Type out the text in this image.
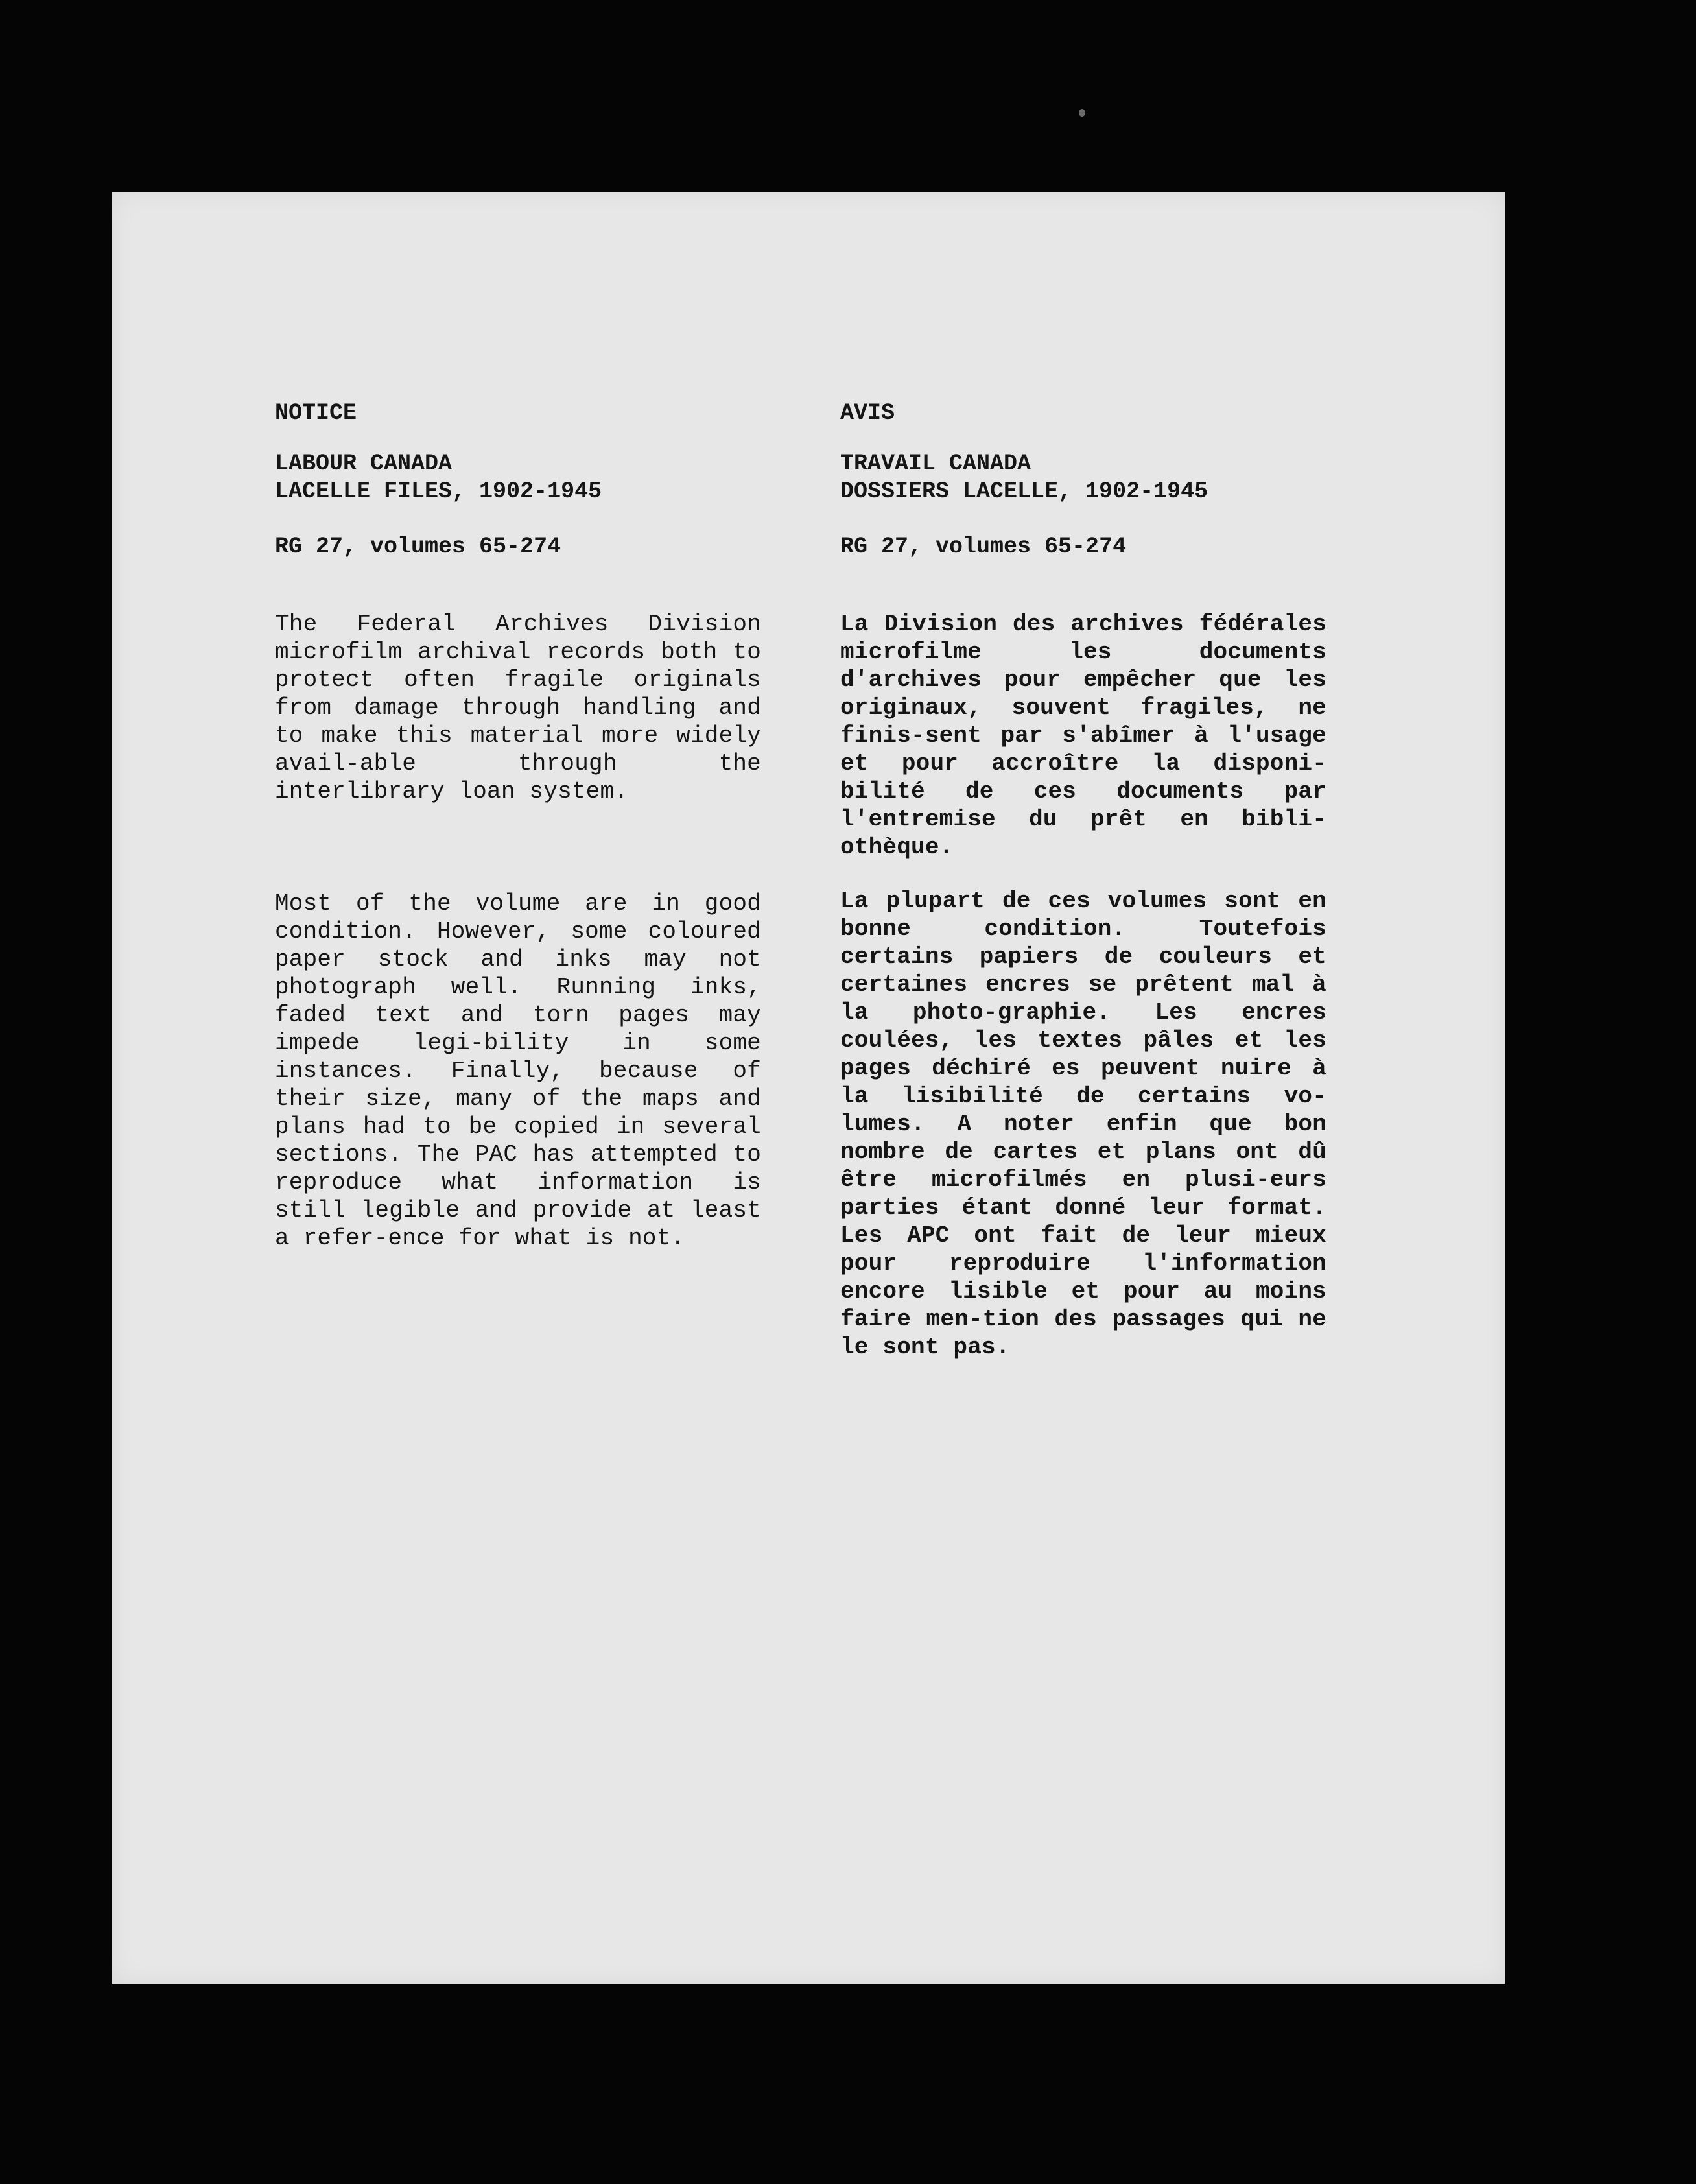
NOTICE
LABOUR CANADA
LACELLE FILES, 1902-1945
RG 27, volumes 65-274
The Federal Archives Division microfilm archival records both to protect often fragile originals from damage through handling and to make this material more widely avail-able through the interlibrary loan system.
Most of the volume are in good condition. However, some coloured paper stock and inks may not photograph well. Running inks, faded text and torn pages may impede legi-bility in some instances. Finally, because of their size, many of the maps and plans had to be copied in several sections. The PAC has attempted to reproduce what information is still legible and provide at least a refer-ence for what is not.
AVIS
TRAVAIL CANADA
DOSSIERS LACELLE, 1902-1945
RG 27, volumes 65-274
La Division des archives fédérales microfilme les documents d'archives pour empêcher que les originaux, souvent fragiles, ne finis-sent par s'abîmer à l'usage et pour accroître la disponi-bilité de ces documents par l'entremise du prêt en bibli-othèque.
La plupart de ces volumes sont en bonne condition. Toutefois certains papiers de couleurs et certaines encres se prêtent mal à la photo-graphie. Les encres coulées, les textes pâles et les pages déchiré es peuvent nuire à la lisibilité de certains vo-lumes. A noter enfin que bon nombre de cartes et plans ont dû être microfilmés en plusi-eurs parties étant donné leur format. Les APC ont fait de leur mieux pour reproduire l'information encore lisible et pour au moins faire men-tion des passages qui ne le sont pas.
